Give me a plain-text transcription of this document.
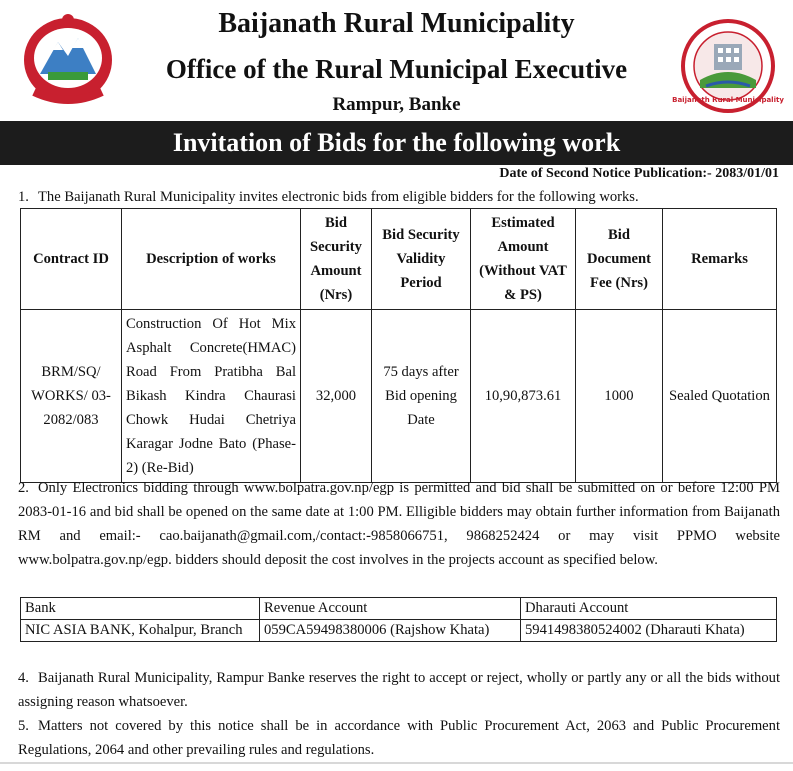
Baijanath Rural Municipality
Office of the Rural Municipal Executive
Rampur, Banke	Baijanath Rural Municipality
Invitation of Bids for the following work
Date of Second Notice Publication:- 2083/01/01
1. The Baijanath Rural Municipality invites electronic bids from eligible bidders for the following works.
Contract ID	Description of works	Bid Security Amount (Nrs)	Bid Security Validity Period	Estimated Amount (Without VAT & PS)	Bid Document Fee (Nrs)	Remarks
BRM/SQ/ WORKS/ 03-2082/083	Construction Of Hot Mix Asphalt Concrete(HMAC) Road From Pratibha Bal Bikash Kindra Chaurasi Chowk Hudai Chetriya Karagar Jodne Bato (Phase-2) (Re-Bid)	32,000	75 days after Bid opening Date	10,90,873.61	1000	Sealed Quotation
2. Only Electronics bidding through www.bolpatra.gov.np/egp is permitted and bid shall be submitted on or before 12:00 PM 2083-01-16 and bid shall be opened on the same date at 1:00 PM. Elligible bidders may obtain further information from Baijanath RM and email:- cao.baijanath@gmail.com,/contact:-9858066751, 9868252424 or may visit PPMO website www.bolpatra.gov.np/egp. bidders should deposit the cost involves in the projects account as specified below.
Bank	Revenue Account	Dharauti Account
NIC ASIA BANK, Kohalpur, Branch	059CA59498380006 (Rajshow Khata)	5941498380524002 (Dharauti Khata)
4. Baijanath Rural Municipality, Rampur Banke reserves the right to accept or reject, wholly or partly any or all the bids without assigning reason whatsoever.
5. Matters not covered by this notice shall be in accordance with Public Procurement Act, 2063 and Public Procurement Regulations, 2064 and other prevailing rules and regulations.
